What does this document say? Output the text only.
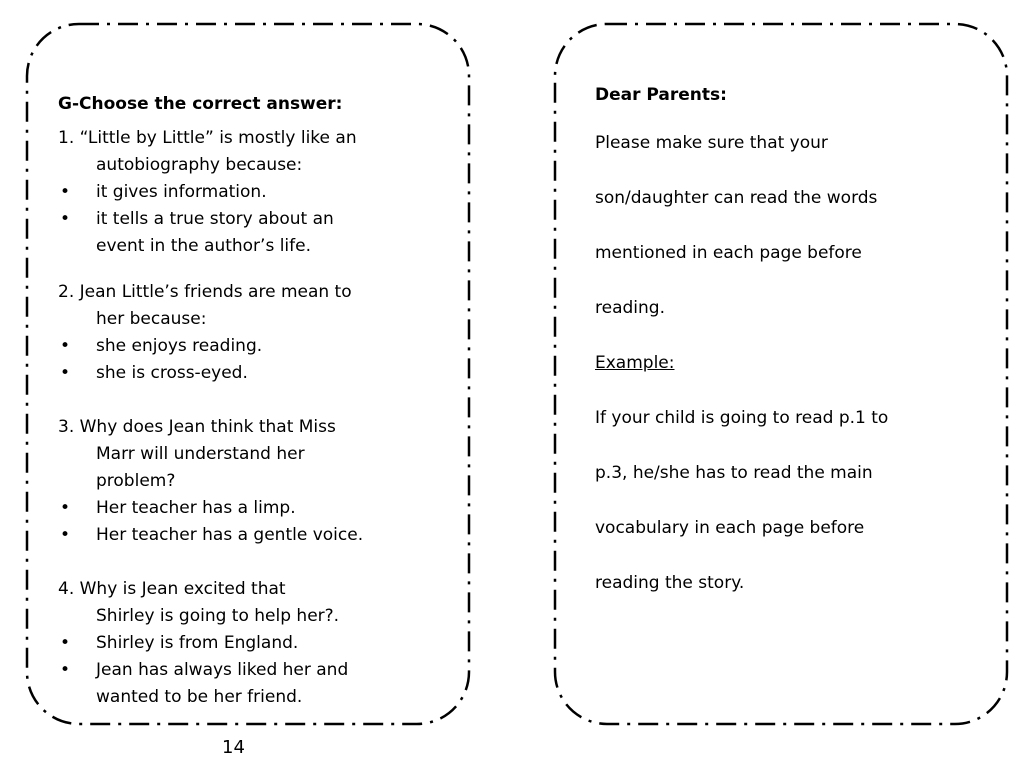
G-Choose the correct answer:
1. “Little by Little” is mostly like an
autobiography because:
• it gives information.
• it tells a true story about an
event in the author’s life.
2. Jean Little’s friends are mean to
her because:
• she enjoys reading.
• she is cross-eyed.
3. Why does Jean think that Miss
Marr will understand her
problem?
• Her teacher has a limp.
• Her teacher has a gentle voice.
4. Why is Jean excited that
Shirley is going to help her?.
• Shirley is from England.
• Jean has always liked her and
wanted to be her friend.
Dear Parents:
Please make sure that your
son/daughter can read the words
mentioned in each page before
reading.
Example:
If your child is going to read p.1 to
p.3, he/she has to read the main
vocabulary in each page before
reading the story.
14
